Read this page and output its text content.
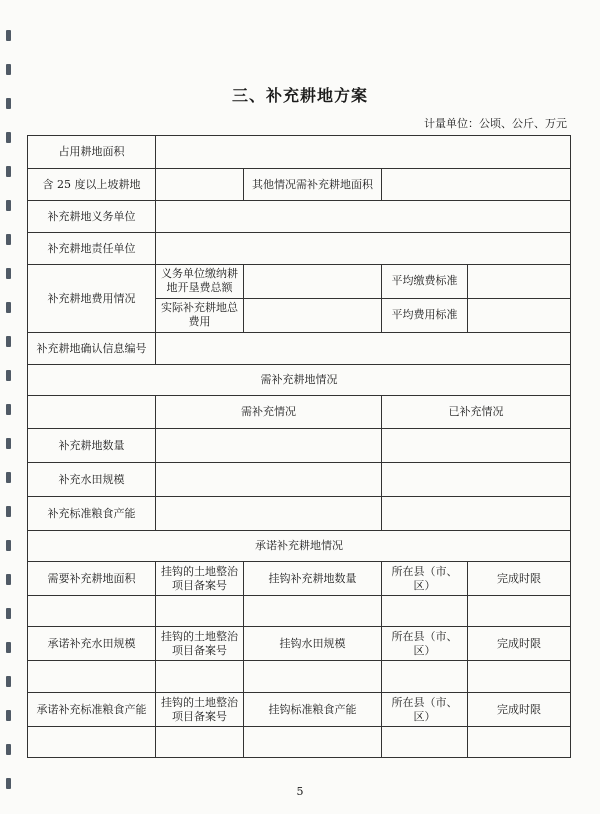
三、补充耕地方案
计量单位：公顷、公斤、万元
占用耕地面积
含 25 度以上坡耕地	其他情况需补充耕地面积
补充耕地义务单位
补充耕地责任单位
补充耕地费用情况
义务单位缴纳耕地开垦费总额
平均缴费标准
实际补充耕地总费用
平均费用标准
补充耕地确认信息编号
需补充耕地情况
需补充情况	已补充情况
补充耕地数量
补充水田规模
补充标准粮食产能
承诺补充耕地情况
需要补充耕地面积
挂钩的土地整治项目备案号
挂钩补充耕地数量
所在县（市、区）
完成时限
承诺补充水田规模
挂钩的土地整治项目备案号
挂钩水田规模
所在县（市、区）
完成时限
承诺补充标准粮食产能
挂钩的土地整治项目备案号
挂钩标准粮食产能
所在县（市、区）
完成时限
5
